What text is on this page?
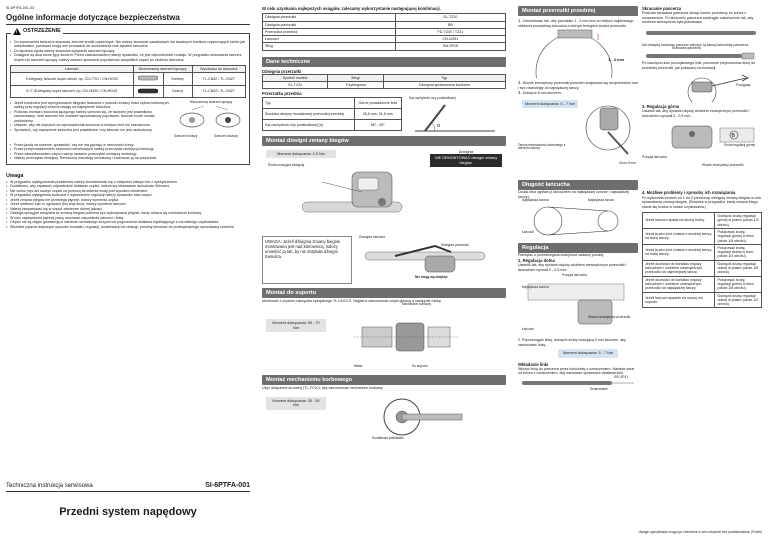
SI-6PTFA-001-03
Ogólne informacje dotyczące bezpieczeństwa
! OSTRZEŻENIE
• Do czyszczenia łańcucha stosować złożone środki czyszczące. Nie należy stosować zasadowych lub kwaśnych środków czyszczących takich jak odrdzewiacz, ponieważ mogą one prowadzić do uszkodzenia ciuli zębatek łańcucha.
• Do łączenia ogniw należy stosować wyłącznie sworzeń łączący.
• Dostępne są dwa różne typy sworzni. Przed zastosowaniem należy sprawdzić, że jest odpowiednich rodzaju. W przypadku stosowania sworzni innych niż sworzeń łączący, należy zawsze sprawdzić poprawność wszystkich części po złożeniu łańcucha.
Łańcuch	Wzmocniony sworzeń łączący		Wyciskacz do łańcucha
9-biegowy, łańcuch super-cienki, np. CN-7701 / CN-HG93		Srebrny	TL-CN32 / TL-CN27
6-/7-/8-biegowy super łańcuch, np. CN-HG50 / CN-HG40		Czarny	TL-CN32 / TL-CN27
• Jeżeli konieczne jest wyregulowanie długości łańcucha z powodu zmiany ilości zębów korbowych, należy przy regulacji zwrócić uwagę na naprężenie łańcucha.
• Podczas montażu sworznia łączącego należy upewnić się, że sworzeń jest prawidłowo zamocowany. Jeśli sworzeń nie zostanie wprowadzony poprawnie, łańcuch może zostać uszkodzony.
• Uważać, aby nie dopuścić do wprowadzenia sworznia w miejsce inne niż zaznaczone.
• Sprawdzić, czy naprężenie łańcucha jest prawidłowe i czy łańcuch nie jest uszkodzony.
Wzmocniony sworzeń łączący
Sworzeń krótszy	Sworzeń dłuższy
• Przed jazdą na rowerze, sprawdzić, czy nie ma pęknięć w ramionach korby.
• Przed przeprowadzeniem czynności serwisowych należy przeczytać niniejszą instrukcję.
• Przed zamontowaniem części należy uważnie przeczytać niniejszą instrukcję.
• Należy przeczytać niniejszą Techniczną instrukcję serwisową i zachować ją na przyszłość.
Uwaga
• W przypadku występowania problemów należy skontaktować się z miejscem zakupu lub z dystrybutorem.
• Dodatkowo, aby zapewnić odpowiednie działanie części, zaleca się stosowanie łańcuchów Shimano.
• Nie wolno myć ani suszyć części za pomocą strumienia wody pod wysokim ciśnieniem.
• W przypadku wystąpienia trudności z wykonaniem regulacji należy sprawdzić stan części.
• Jeżeli zmiana biegów nie przebiega płynnie, należy wymienić części.
• Jeżeli wielkość luzu w ogniwach jest zbyt duża, należy wymienić łańcuch.
• Należy zaopatrywać się w części zamienne dobrej jakości.
• Obsługa sprzęgieł związana ze zmianą biegów powinna być wykonywana jedynie, kiedy obraca się mechanizm korbowy.
• W celu zapewnienia płynnej pracy stosować odpowiedni pancerz i linkę.
• Części nie są objęte gwarancją w zakresie normalnego zużycia lub pogorszenia działania wynikającego z normalnego użytkowania.
• Wszelkie pytania dotyczące sposobu montażu, regulacji, konserwacji lub obsługi, prosimy kierować do profesjonalnego sprzedawcy rowerów.
Techniczna instrukcja serwisowa	SI-6PTFA-001
Przedni system napędowy
W celu uzyskania najlepszych osiągów, zalecamy wykorzystanie następującej kombinacji.
Dźwignia przerzutki	SL-TZ20
Dźwignia przerzutki	BB
Przerzutka przednia	FD-TZ30 / TZ31
Łańcuch	CN-UG51
Ślizg	SM-SP18
Dane techniczne
Dźwignia przerzutki
Symbol modelu	Biegi	Typ
SL-TZ20	Trzybiegowa	Dźwignia sprawowana kciukiem
Przerzutka przednia
Typ	Górne prowadzenie linki
Średnica obejmy montażowej przerzutki przedniej	28,6 mm, 31,8 mm
Kąt nachylenia rury podsiodłowej (α)	66° - 69°
Kąt nachylenia rury podsiodłowej
α
Montaż dźwigni zmiany biegów
Moment dokręcania: 2,5 Nm
Śruba mocująca dźwignię
Dźwignia
NIE DEMONTOWAĆ dźwigni zmiany biegów.
UWAGA: Jeżeli dźwignia zmiany biegów montowana jest nad kierownicą, należy umieścić ją tak, by nie dotykała dźwigni hamulca.
Dźwignia hamulca
Dźwignia przerzutki
Nie mogą się dotykać
Montaż do suportu
Montować z użyciem narzędzia specjalnego TL-UN74-S. Najpierw zamontować część główną a następnie miskę.
Moment dokręcania: 50 - 70 Nm
Mechanizm korbowy
Miska	Do suportu
Montaż mechanizmu korbowego
Użyć dołączone do korby (TL-FC10), aby zamontować mechanizm korbowy.
Moment dokręcania: 35 - 50 Nm
Dodatkowa podkładka
Montaż przerzutki przedniej
1. Zamontować tak, aby pozostało 1 - 3 mm luzu w miejscu najbliższego zbliżenia prowadnicy łańcucha a dolnym brzegiem wózka przerzutki.
1 - 3 mm
2. Wózek zewnętrzny przerzutki powinien znajdować się bezpośrednio nad i być równoległy do największej tarczy.
3. Dokręcić 8 mm kluczem.
Moment dokręcania: 5 - 7 Nm
Tarcza mechanizmu korbowego z wierzchu tarczy
Klucz 8 mm
Skracanie pancerza
Podczas skracania pancerza obciąć koniec przeciwny do końca z oznaczeniem. Po skróceniu pancerza zaokrąglić zakończenie tak, aby średnica wewnętrzna była jednakowa.
Na obciętej końcowy pancerz założyć tą samą końcówkę pancerza.
Końcówka pancerza
Po usunięciu luzu początkowego linki, ponownie przymocować linkę do przedniej przerzutki, jak pokazano na ilustracji.
Pociągnąć
3. Regulacja górna
Ustawić tak, aby dystans między wózkiem zewnętrznym przerzutki i łańcuchem wynosił 0 - 0,5 mm.
B
Pozycja łańcucha
Wózek zewnętrzny przerzutki
Śruba regulacji górnej
Długość łańcucha
Dodać dwa ogniwa (z łańcuchem na największej koronie i największej tarczy).
Największa korona	Największa tarcza
Łańcuch
Regulacja
Pamiętać o przestrzeganiu kolejności zadanej poniżej.
1. Regulacja dolna
Ustawić tak, aby dystans między wózkiem wewnętrznym przerzutki i łańcuchem wynosił 0 - 0,5 mm.
Pozycja łańcucha
Największa korona
Wózek wewnętrzny przerzutki
Łańcuch
2. Poprzeciągać linkę, dokręcić śrubę mocującą 9 mm kluczem, aby zamocować linkę.
Moment dokręcania: 5 - 7 Nm
Wkładanie linki
Włożyć linkę do pancerza przez końcówkę z oznaczeniem. Nanieść smar od końca z oznaczeniem, aby zachować sprawność działania linki.
SIS-SP41
Smarowanie
4. Możliwe problemy i sposoby ich rozwiązania
Po wykonaniu kroków od 1 do 3 przesunąć dźwignię zmiany biegów w celu sprawdzenia zmiany biegów. (Również w przypadku, kiedy zmiana biegu stanie się trudna w czasie użytkowania.)
Jeżeli łańcuch spada na stronę korby.	Dokręcić śrubę regulacji górnej w prawo (około 1/4 obrotu).
Jeżeli trudno jest zmiana z średniej tarczy na dużą tarczę.	Poluzować śrubę regulacji górnej w lewo (około 1/8 obrotu).
Jeżeli trudno jest zmiana z średniej tarczy na małą tarczę.	Poluzować śrubę regulacji dolnej w lewo (około 1/4 obrotu).
Jeżeli dochodzi do kontaktu między łańcuchem i wózkiem wewnętrznym przerzutki na najmniejszej tarczy.	Dokręcić śrubę regulacji dolnej w prawo (około 1/8 obrotu).
Jeżeli dochodzi do kontaktu między łańcuchem i wózkiem zewnętrznym przerzutki na największej tarczy.	Poluzować śrubę regulacji górnej w lewo (około 1/8 obrotu).
Jeżeli łańcuch spadnie na stronę osi suportu.	Dokręcić śrubę regulacji dolnej w prawo (około 1/2 obrotu).
Uwaga: specyfikacje mogą być zmienione w celu ulepszeń bez powiadomienia. (Polish)
